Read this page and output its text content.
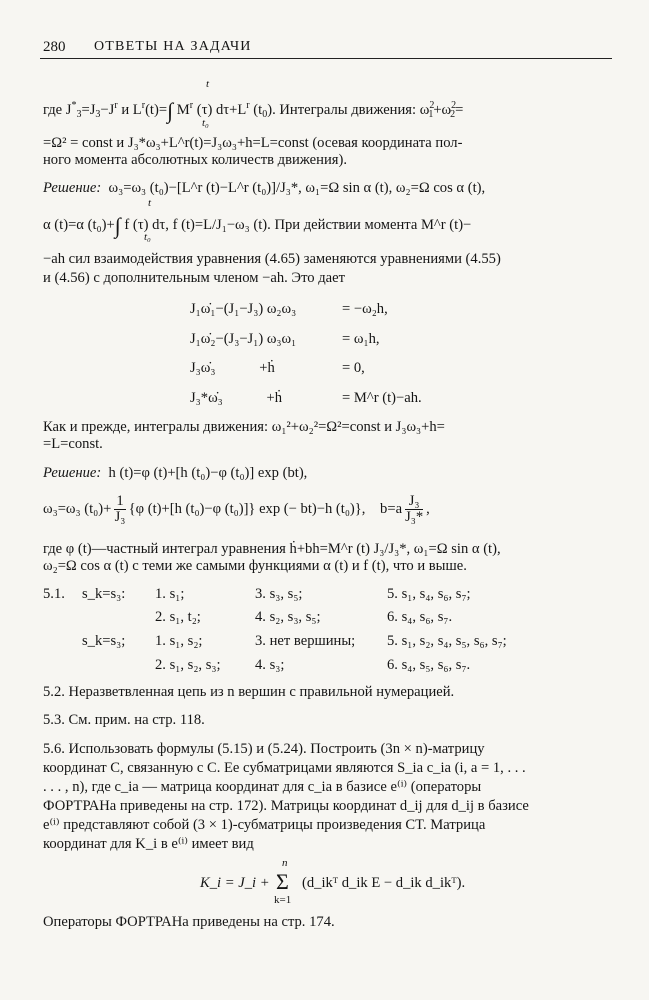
280 ОТВЕТЫ НА ЗАДАЧИ
t
где $J^*_3=J_3-J^r$ и $L^r(t)=\int$ $M^r$ (τ) $d\tau+L^r$ $(t_0)$. Интегралы движения: $\omega^2_1+\omega^2_2=$
t₀
=Ω² = const и J₃*ω₃+L^r(t)=J₃ω₃+h=L=const (осевая координата пол-
ного момента абсолютных количеств движения).
Решение: ω₃=ω₃ (t₀)−[L^r (t)−L^r (t₀)]/J₃*, ω₁=Ω sin α (t), ω₂=Ω cos α (t),
t
α (t)=α (t₀)+∫ f (τ) dτ, f (t)=L/J₁−ω₃ (t). При действии момента M^r (t)−
t₀
−ah сил взаимодействия уравнения (4.65) заменяются уравнениями (4.55)
и (4.56) с дополнительным членом −ah. Это дает
J₁ω̇₁−(J₁−J₃) ω₂ω₃	= −ω₂h,
J₁ω̇₂−(J₃−J₁) ω₃ω₁	= ω₁h,
J₃ω̇₃            +ḣ	= 0,
J₃*ω̇₃            +ḣ	= M^r (t)−ah.
Как и прежде, интегралы движения: ω₁²+ω₂²=Ω²=const и J₃ω₃+h=
=L=const.
Решение: h (t)=φ (t)+[h (t₀)−φ (t₀)] exp (bt),
ω₃=ω₃ $(t_0)+ \frac{1}{\text{J₃}} \{\varphi$ (t)+[h (t₀)−φ (t₀)]} exp (− bt)−h (t₀)}, $b=a \frac{\text{J₃}}{\text{J₃*}}$ ,
где φ (t)—частный интеграл уравнения ḣ+bh=M^r (t) J₃/J₃*, ω₁=Ω sin α (t),
ω₂=Ω cos α (t) с теми же самыми функциями α (t) и f (t), что и выше.
5.1. s_k=s₃: 1. s₁;	3. s₃, s₅;	5. s₁, s₄, s₆, s₇;
2. s₁, t₂;	4. s₂, s₃, s₅;	6. s₄, s₆, s₇.
s_k=s₃; 1. s₁, s₂;	3. нет вершины; 5. s₁, s₂, s₄, s₅, s₆, s₇;
2. s₁, s₂, s₃; 4. s₃;	6. s₄, s₅, s₆, s₇.
5.2. Неразветвленная цепь из n вершин с правильной нумерацией.
5.3. См. прим. на стр. 118.
5.6. Использовать формулы (5.15) и (5.24). Построить (3n × n)-матрицу
координат C, связанную с C. Ее субматрицами являются S_ia c_ia (i, a = 1, . . .
. . . , n), где c_ia — матрица координат для c_ia в базисе e⁽ⁱ⁾ (операторы
ФОРТРАНа приведены на стр. 172). Матрицы координат d_ij для d_ij в базисе
e⁽ⁱ⁾ представляют собой (3 × 1)-субматрицы произведения CT. Матрица
координат для K_i в e⁽ⁱ⁾ имеет вид
K_i = J_i +
n
Σ
k=1
(d_ikᵀ d_ik E − d_ik d_ikᵀ).
Операторы ФОРТРАНа приведены на стр. 174.
